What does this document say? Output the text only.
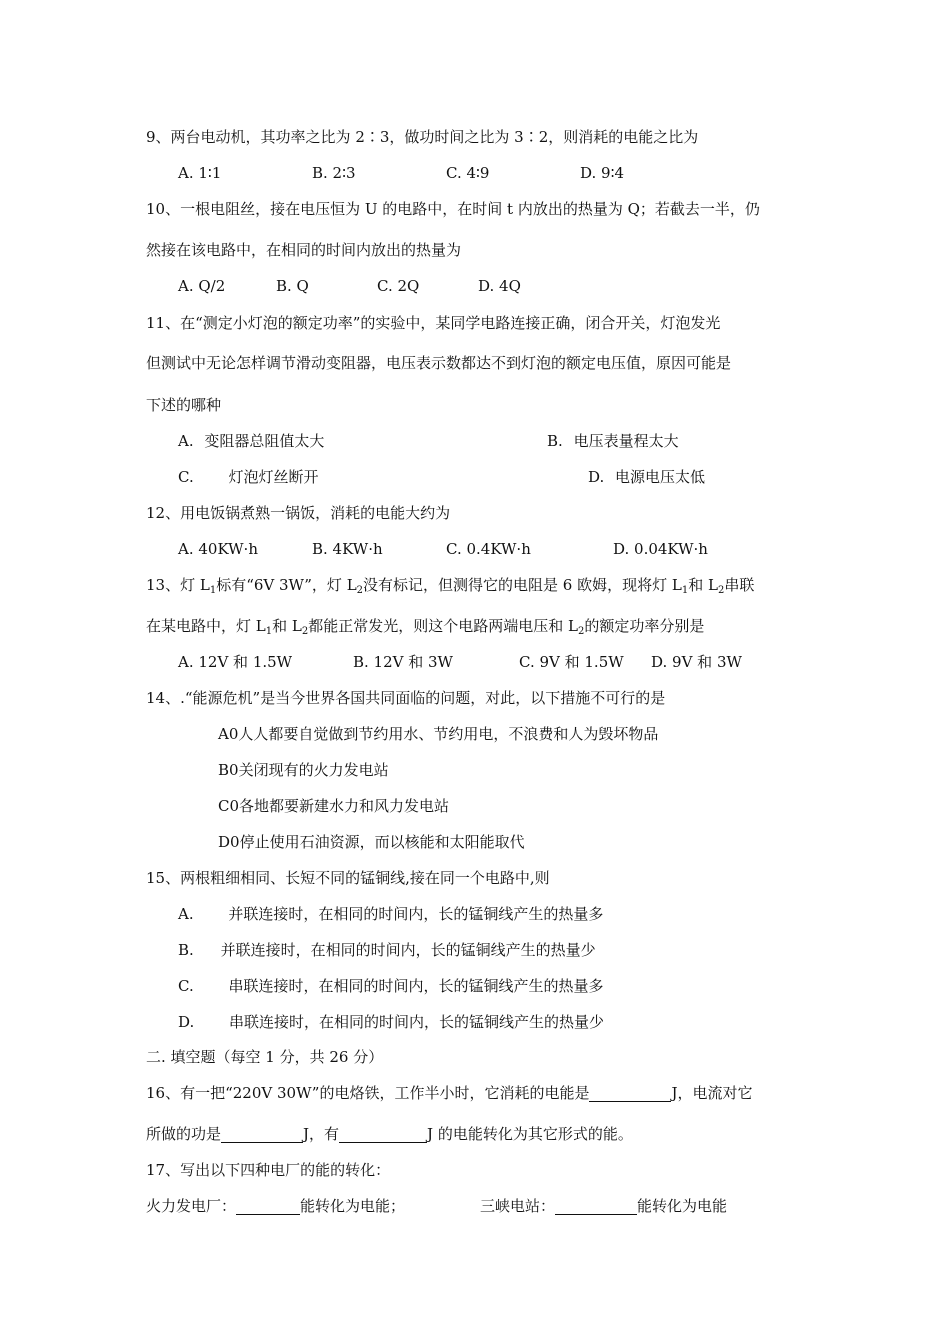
9、两台电动机，其功率之比为 2∶3，做功时间之比为 3∶2，则消耗的电能之比为
A. 1∶1	B. 2∶3	C. 4∶9	D. 9∶4
10、一根电阻丝，接在电压恒为 U 的电路中，在时间 t 内放出的热量为 Q；若截去一半，仍
然接在该电路中，在相同的时间内放出的热量为
A. Q/2	B. Q	C. 2Q	D. 4Q
11、在“测定小灯泡的额定功率”的实验中，某同学电路连接正确，闭合开关，灯泡发光
但测试中无论怎样调节滑动变阻器，电压表示数都达不到灯泡的额定电压值，原因可能是
下述的哪种
A. 变阻器总阻值太大	B. 电压表量程太大
C. 灯泡灯丝断开	D. 电源电压太低
12、用电饭锅煮熟一锅饭，消耗的电能大约为
A. 40KW·h	B. 4KW·h	C. 0.4KW·h	D. 0.04KW·h
13、灯 $L_1$标有“6V 3W”，灯 $L_2$没有标记，但测得它的电阻是 6 欧姆，现将灯 $L_1$和 $L_2$串联
在某电路中，灯 $L_1$和 $L_2$都能正常发光，则这个电路两端电压和 $L_2$的额定功率分别是
A. 12V 和 1.5W	B. 12V 和 3W	C. 9V 和 1.5W D. 9V 和 3W
14、.“能源危机”是当今世界各国共同面临的问题，对此，以下措施不可行的是
A0人人都要自觉做到节约用水、节约用电，不浪费和人为毁坏物品
B0关闭现有的火力发电站
C0各地都要新建水力和风力发电站
D0停止使用石油资源，而以核能和太阳能取代
15、两根粗细相同、长短不同的锰铜线,接在同一个电路中,则
A. 并联连接时，在相同的时间内，长的锰铜线产生的热量多
B. 并联连接时，在相同的时间内，长的锰铜线产生的热量少
C. 串联连接时，在相同的时间内，长的锰铜线产生的热量多
D. 串联连接时，在相同的时间内，长的锰铜线产生的热量少
二. 填空题（每空 1 分，共 26 分）
16、有一把“220V 30W”的电烙铁，工作半小时，它消耗的电能是	J，电流对它
所做的功是	J，有	J 的电能转化为其它形式的能。
17、写出以下四种电厂的能的转化：
火力发电厂：	能转化为电能；	三峡电站：	能转化为电能
